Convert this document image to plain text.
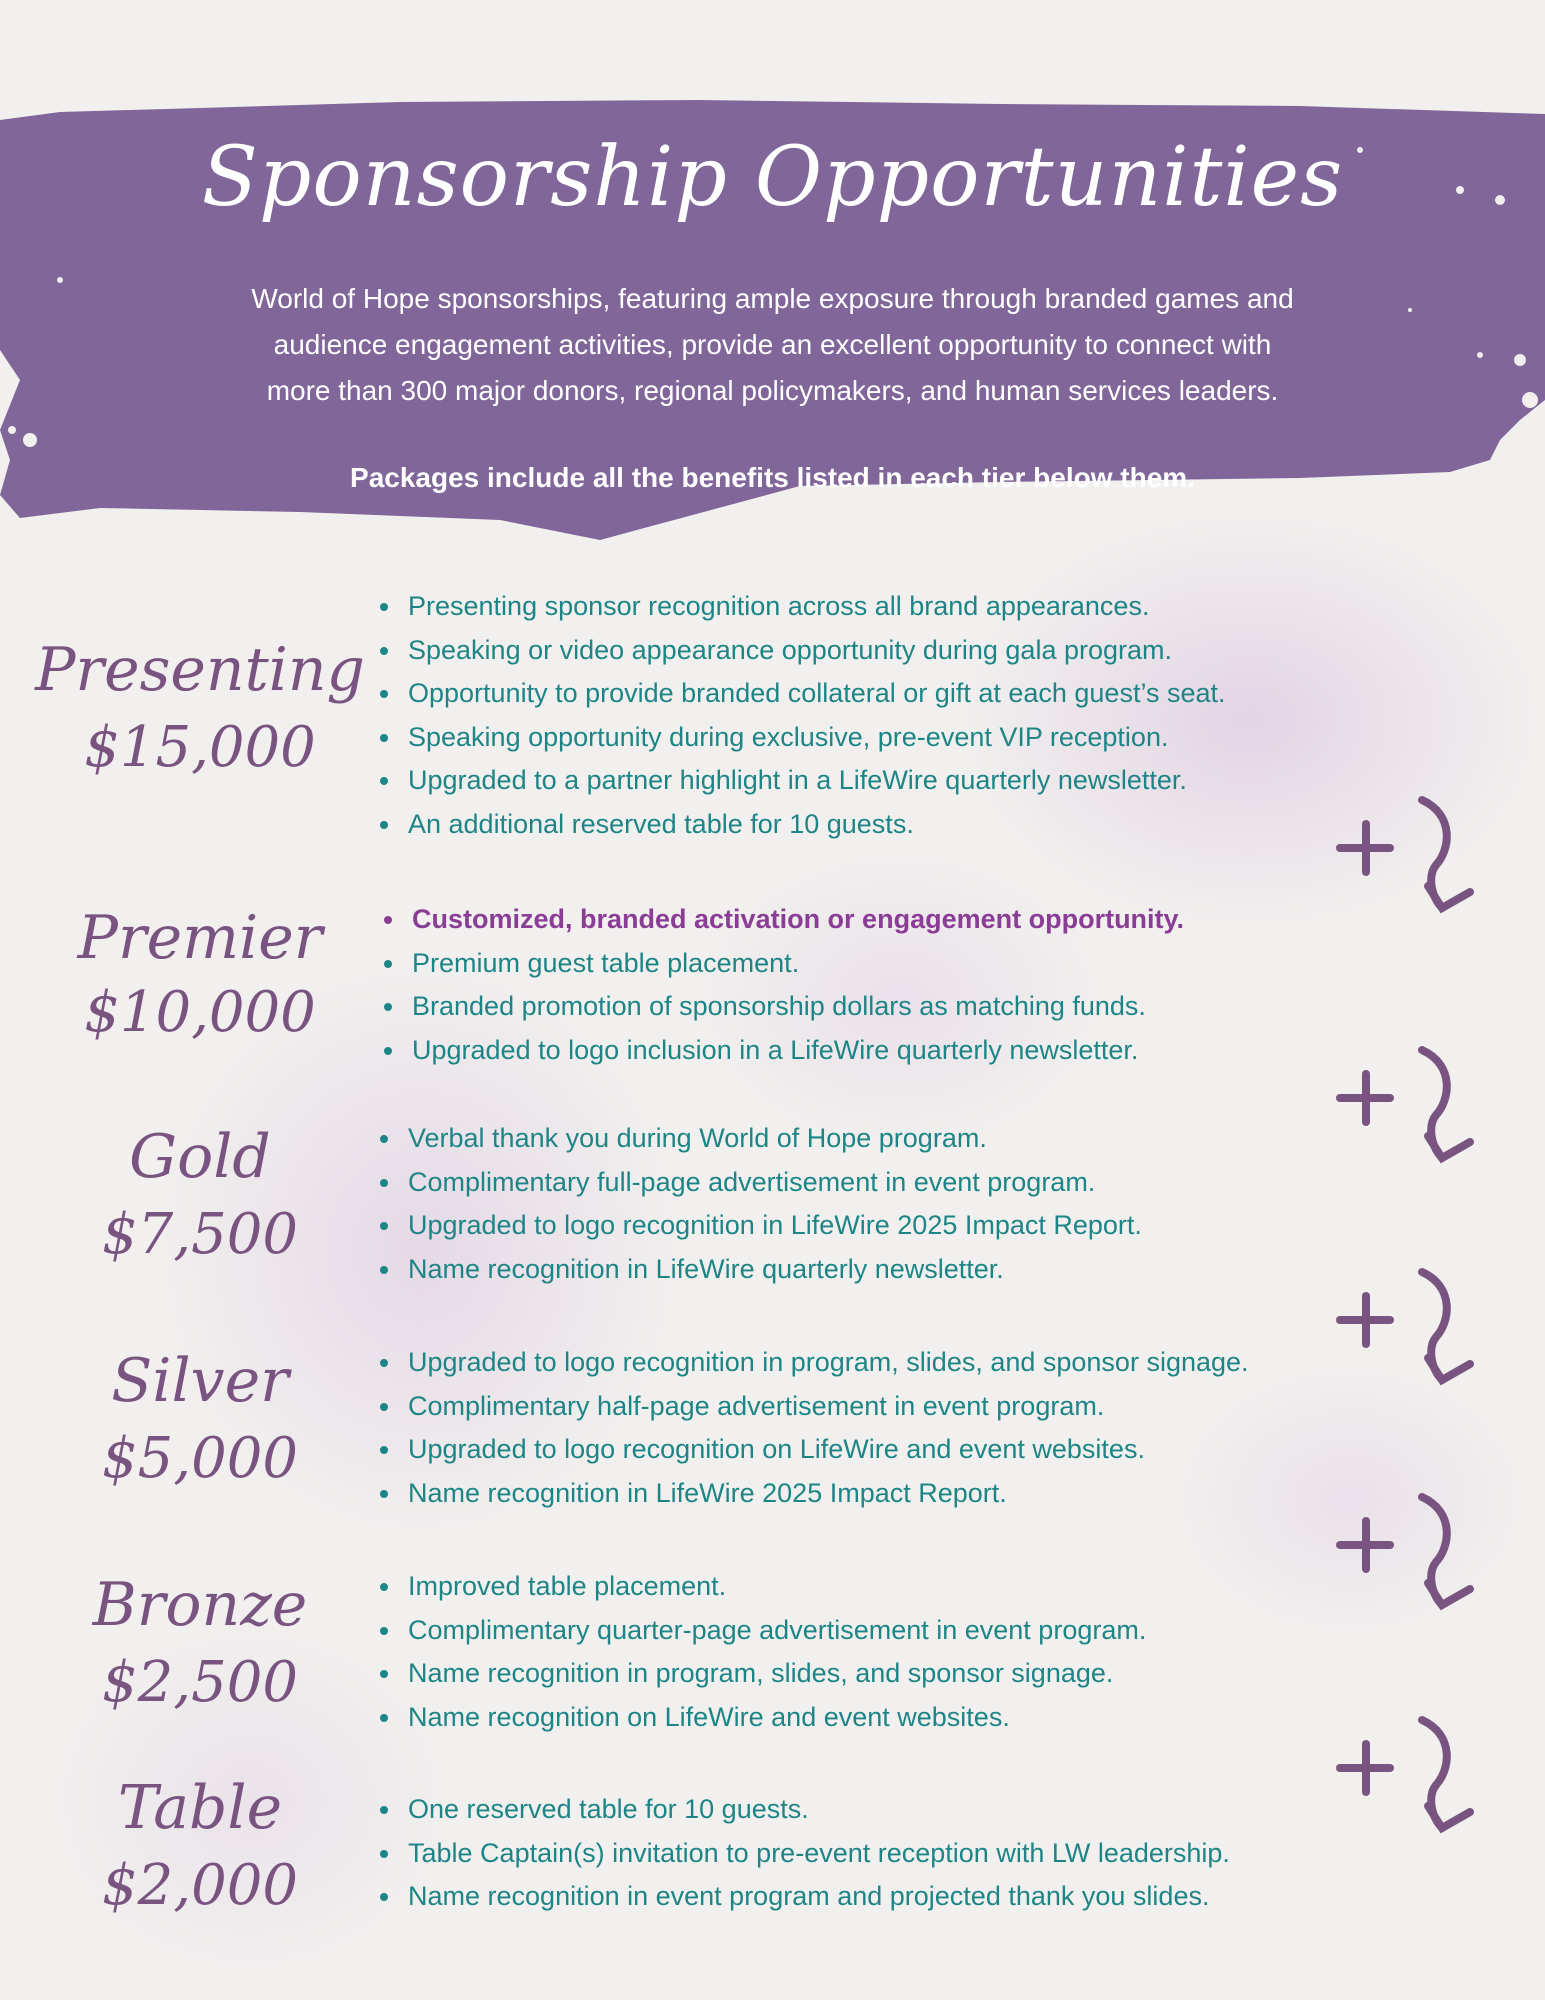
Sponsorship Opportunities

World of Hope sponsorships, featuring ample exposure through branded games and audience engagement activities, provide an excellent opportunity to connect with more than 300 major donors, regional policymakers, and human services leaders.

Packages include all the benefits listed in each tier below them.

Presenting
$15,000
Presenting sponsor recognition across all brand appearances.
Speaking or video appearance opportunity during gala program.
Opportunity to provide branded collateral or gift at each guest’s seat.
Speaking opportunity during exclusive, pre-event VIP reception.
Upgraded to a partner highlight in a LifeWire quarterly newsletter.
An additional reserved table for 10 guests.
Premier
$10,000
Customized, branded activation or engagement opportunity.
Premium guest table placement.
Branded promotion of sponsorship dollars as matching funds.
Upgraded to logo inclusion in a LifeWire quarterly newsletter.
Gold
$7,500
Verbal thank you during World of Hope program.
Complimentary full-page advertisement in event program.
Upgraded to logo recognition in LifeWire 2025 Impact Report.
Name recognition in LifeWire quarterly newsletter.
Silver
$5,000
Upgraded to logo recognition in program, slides, and sponsor signage.
Complimentary half-page advertisement in event program.
Upgraded to logo recognition on LifeWire and event websites.
Name recognition in LifeWire 2025 Impact Report.
Bronze
$2,500
Improved table placement.
Complimentary quarter-page advertisement in event program.
Name recognition in program, slides, and sponsor signage.
Name recognition on LifeWire and event websites.
Table
$2,000
One reserved table for 10 guests.
Table Captain(s) invitation to pre-event reception with LW leadership.
Name recognition in event program and projected thank you slides.
